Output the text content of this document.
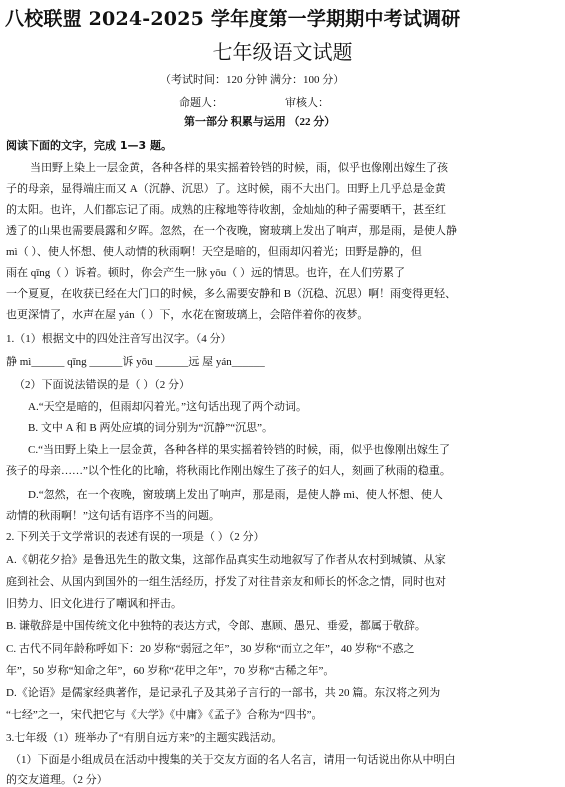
八校联盟 2024-2025 学年度第一学期期中考试调研
七年级语文试题
（考试时间：120 分钟 满分：100 分）
命题人：	审核人：
第一部分 积累与运用 （22 分）
阅读下面的文字，完成 1—3 题。
当田野上染上一层金黄，各种各样的果实摇着铃铛的时候，雨，似乎也像刚出嫁生了孩
子的母亲，显得端庄而又 A（沉静、沉思）了。这时候，雨不大出门。田野上几乎总是金黄
的太阳。也许，人们都忘记了雨。成熟的庄稼地等待收割，金灿灿的种子需要晒干，甚至红
透了的山果也需要晨露和夕晖。忽然，在一个夜晚，窗玻璃上发出了响声，那是雨，是使人静
mì（ ）、使人怀想、使人动情的秋雨啊！天空是暗的，但雨却闪着光；田野是静的，但
雨在 qīng（ ）诉着。顿时，你会产生一脉 yōu（ ）远的情思。也许，在人们劳累了
一个夏夏，在收获已经在大门口的时候，多么需要安静和 B（沉稳、沉思）啊！雨变得更轻、
也更深情了，水声在屋 yán（ ）下，水花在窗玻璃上，会陪伴着你的夜梦。
1.（1）根据文中的四处注音写出汉字。（4 分）
静 mì______ qīng ______诉 yōu ______远 屋 yán______
（2）下面说法错误的是（ ）（2 分）
A.“天空是暗的，但雨却闪着光。”这句话出现了两个动词。
B. 文中 A 和 B 两处应填的词分别为“沉静”“沉思”。
C.“当田野上染上一层金黄，各种各样的果实摇着铃铛的时候，雨，似乎也像刚出嫁生了
孩子的母亲……”以个性化的比喻，将秋雨比作刚出嫁生了孩子的妇人，刻画了秋雨的稳重。
D.“忽然，在一个夜晚，窗玻璃上发出了响声，那是雨，是使人静 mì、使人怀想、使人
动情的秋雨啊！”这句话有语序不当的问题。
2. 下列关于文学常识的表述有误的一项是（ ）（2 分）
A.《朝花夕拾》是鲁迅先生的散文集，这部作品真实生动地叙写了作者从农村到城镇、从家
庭到社会、从国内到国外的一组生活经历，抒发了对往昔亲友和师长的怀念之情，同时也对
旧势力、旧文化进行了嘲讽和抨击。
B. 谦敬辞是中国传统文化中独特的表达方式，令郎、惠顾、愚兄、垂爱，都属于敬辞。
C. 古代不同年龄称呼如下：20 岁称“弱冠之年”，30 岁称“而立之年”，40 岁称“不惑之
年”，50 岁称“知命之年”，60 岁称“花甲之年”，70 岁称“古稀之年”。
D.《论语》是儒家经典著作，是记录孔子及其弟子言行的一部书，共 20 篇。东汉将之列为
“七经”之一，宋代把它与《大学》《中庸》《孟子》合称为“四书”。
3.七年级（1）班举办了“有朋自远方来”的主题实践活动。
（1）下面是小组成员在活动中搜集的关于交友方面的名人名言，请用一句话说出你从中明白
的交友道理。（2 分）
